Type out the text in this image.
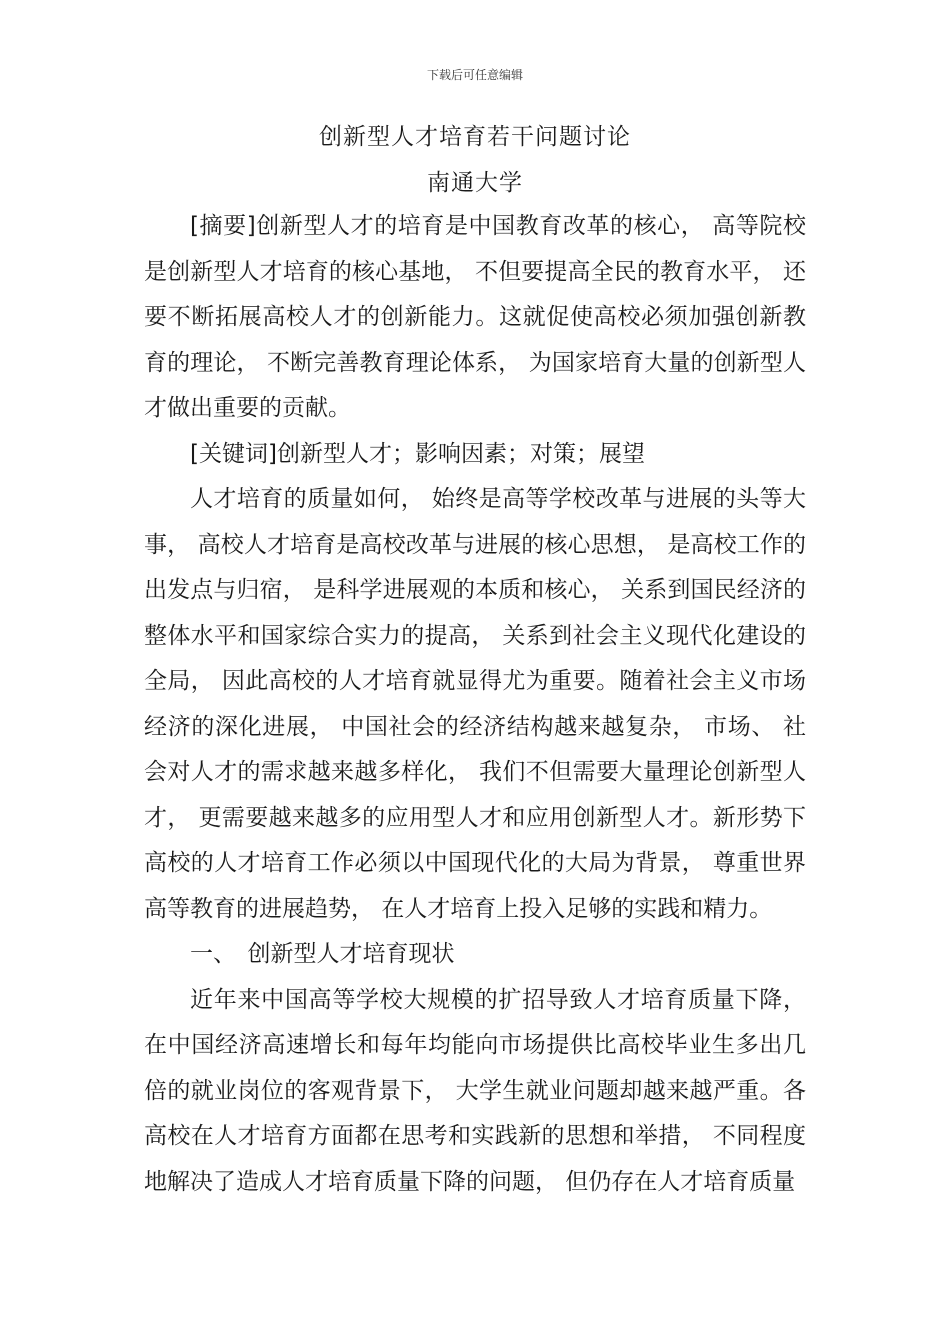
下载后可任意编辑
创新型人才培育若干问题讨论
南通大学

[摘要]创新型人才的培育是中国教育改革的核心， 高等院校是创新型人才培育的核心基地， 不但要提高全民的教育水平， 还要不断拓展高校人才的创新能力。这就促使高校必须加强创新教育的理论， 不断完善教育理论体系， 为国家培育大量的创新型人才做出重要的贡献。

[关键词]创新型人才；影响因素；对策；展望

人才培育的质量如何， 始终是高等学校改革与进展的头等大事， 高校人才培育是高校改革与进展的核心思想， 是高校工作的出发点与归宿， 是科学进展观的本质和核心， 关系到国民经济的整体水平和国家综合实力的提高， 关系到社会主义现代化建设的全局， 因此高校的人才培育就显得尤为重要。随着社会主义市场经济的深化进展， 中国社会的经济结构越来越复杂， 市场、 社会对人才的需求越来越多样化， 我们不但需要大量理论创新型人才， 更需要越来越多的应用型人才和应用创新型人才。新形势下高校的人才培育工作必须以中国现代化的大局为背景， 尊重世界高等教育的进展趋势， 在人才培育上投入足够的实践和精力。

一、　创新型人才培育现状

近年来中国高等学校大规模的扩招导致人才培育质量下降， 在中国经济高速增长和每年均能向市场提供比高校毕业生多出几倍的就业岗位的客观背景下， 大学生就业问题却越来越严重。各高校在人才培育方面都在思考和实践新的思想和举措， 不同程度地解决了造成人才培育质量下降的问题， 但仍存在人才培育质量
